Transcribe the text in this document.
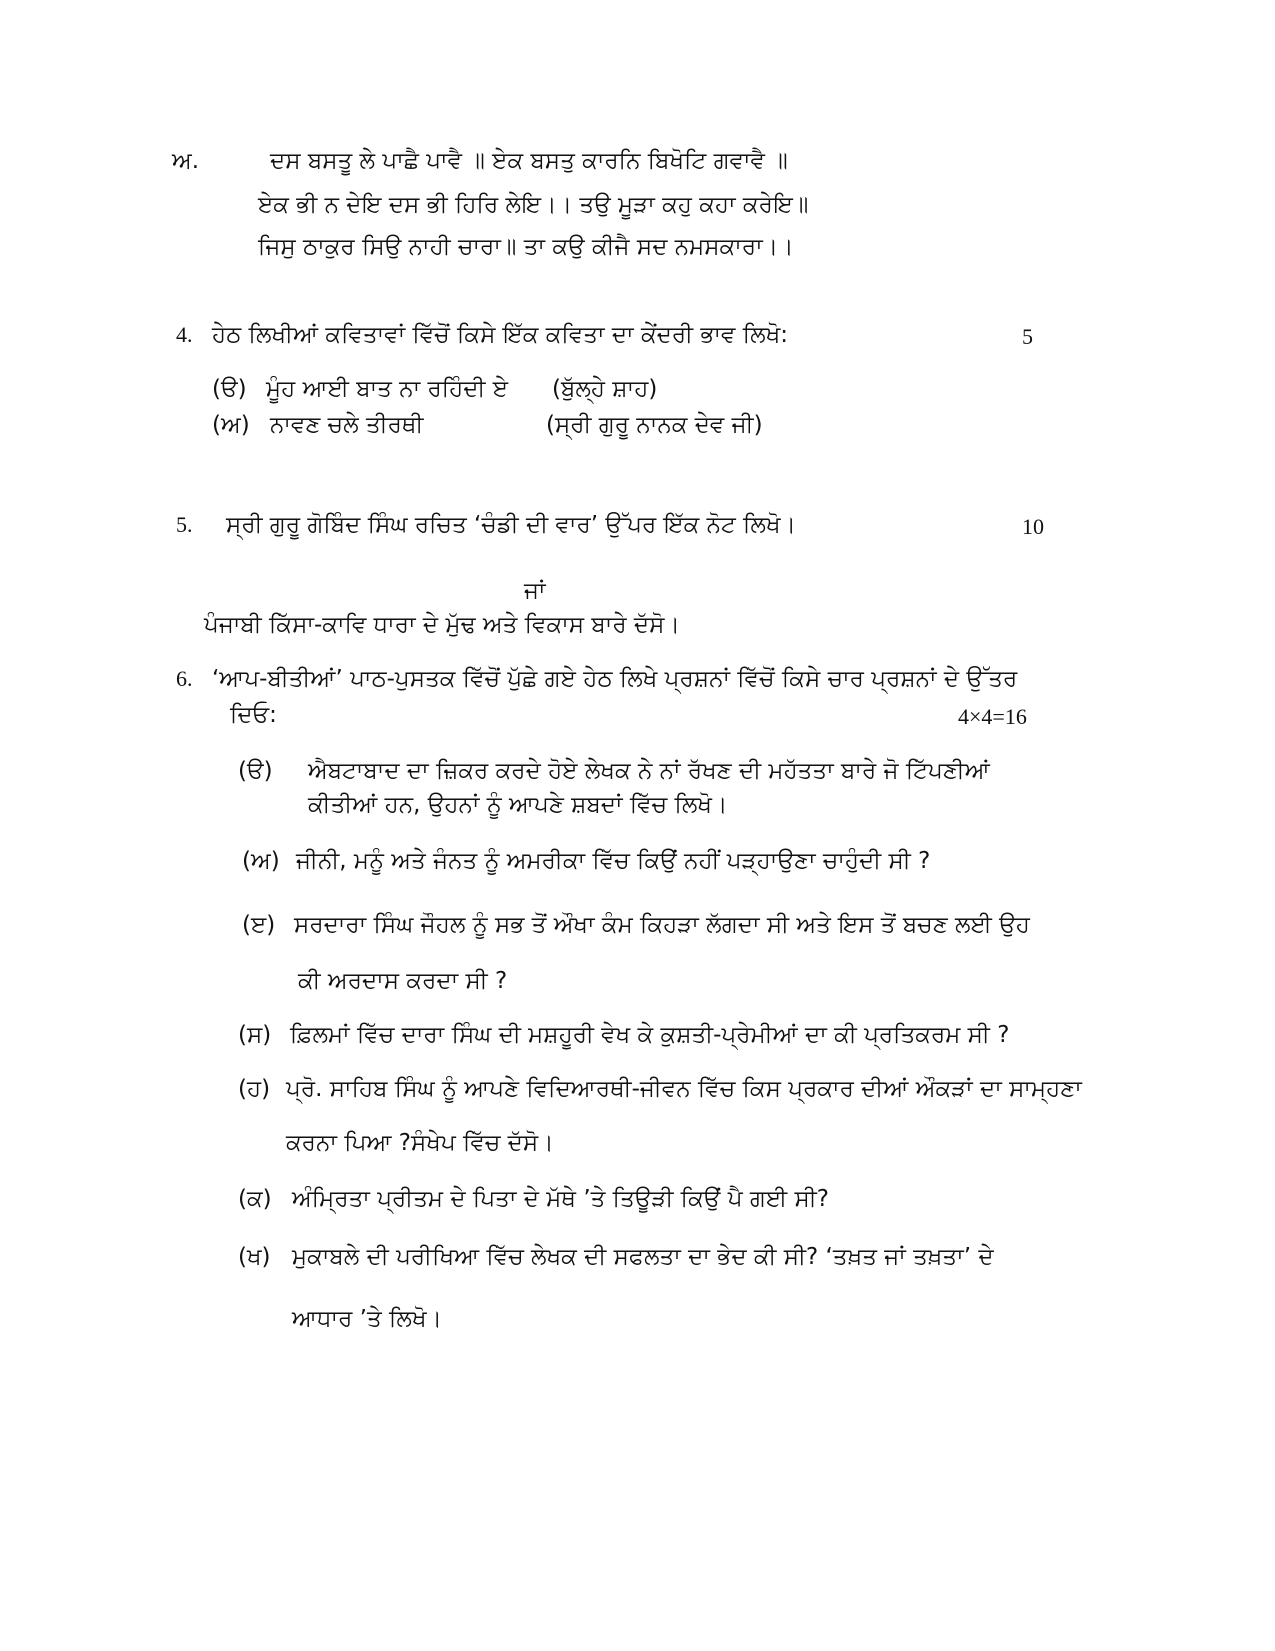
ਅ.	ਦਸ ਬਸਤੂ ਲੇ ਪਾਛੈ ਪਾਵੈ ॥ ਏਕ ਬਸਤੁ ਕਾਰਨਿ ਬਿਖੋਟਿ ਗਵਾਵੈ ॥
ਏਕ ਭੀ ਨ ਦੇਇ ਦਸ ਭੀ ਹਿਰਿ ਲੇਇ।। ਤਉ ਮੂੜਾ ਕਹੁ ਕਹਾ ਕਰੇਇ॥
ਜਿਸੁ ਠਾਕੁਰ ਸਿਉ ਨਾਹੀ ਚਾਰਾ॥ ਤਾ ਕਉ ਕੀਜੈ ਸਦ ਨਮਸਕਾਰਾ।।
4. ਹੇਠ ਲਿਖੀਆਂ ਕਵਿਤਾਵਾਂ ਵਿੱਚੋਂ ਕਿਸੇ ਇੱਕ ਕਵਿਤਾ ਦਾ ਕੇਂਦਰੀ ਭਾਵ ਲਿਖੋ:	5
(ੳ) ਮੂੰਹ ਆਈ ਬਾਤ ਨਾ ਰਹਿੰਦੀ ਏ (ਬੁੱਲ੍ਹੇ ਸ਼ਾਹ)
(ਅ) ਨਾਵਣ ਚਲੇ ਤੀਰਥੀ	(ਸ੍ਰੀ ਗੁਰੂ ਨਾਨਕ ਦੇਵ ਜੀ)
5. ਸ੍ਰੀ ਗੁਰੂ ਗੋਬਿੰਦ ਸਿੰਘ ਰਚਿਤ ‘ਚੰਡੀ ਦੀ ਵਾਰ’ ਉੱਪਰ ਇੱਕ ਨੋਟ ਲਿਖੋ।	10
ਜਾਂ
ਪੰਜਾਬੀ ਕਿੱਸਾ-ਕਾਵਿ ਧਾਰਾ ਦੇ ਮੁੱਢ ਅਤੇ ਵਿਕਾਸ ਬਾਰੇ ਦੱਸੋ।
6. ‘ਆਪ-ਬੀਤੀਆਂ’ ਪਾਠ-ਪੁਸਤਕ ਵਿੱਚੋਂ ਪੁੱਛੇ ਗਏ ਹੇਠ ਲਿਖੇ ਪ੍ਰਸ਼ਨਾਂ ਵਿੱਚੋਂ ਕਿਸੇ ਚਾਰ ਪ੍ਰਸ਼ਨਾਂ ਦੇ ਉੱਤਰ
ਦਿਓ:	4×4=16
(ੳ) ਐਬਟਾਬਾਦ ਦਾ ਜ਼ਿਕਰ ਕਰਦੇ ਹੋਏ ਲੇਖਕ ਨੇ ਨਾਂ ਰੱਖਣ ਦੀ ਮਹੱਤਤਾ ਬਾਰੇ ਜੋ ਟਿੱਪਣੀਆਂ
ਕੀਤੀਆਂ ਹਨ, ਉਹਨਾਂ ਨੂੰ ਆਪਣੇ ਸ਼ਬਦਾਂ ਵਿੱਚ ਲਿਖੋ।
(ਅ) ਜੀਨੀ, ਮਨੂੰ ਅਤੇ ਜੰਨਤ ਨੂੰ ਅਮਰੀਕਾ ਵਿੱਚ ਕਿਉਂ ਨਹੀਂ ਪੜ੍ਹਾਉਣਾ ਚਾਹੁੰਦੀ ਸੀ ?
(ੲ) ਸਰਦਾਰਾ ਸਿੰਘ ਜੌਹਲ ਨੂੰ ਸਭ ਤੋਂ ਔਖਾ ਕੰਮ ਕਿਹੜਾ ਲੱਗਦਾ ਸੀ ਅਤੇ ਇਸ ਤੋਂ ਬਚਣ ਲਈ ਉਹ
ਕੀ ਅਰਦਾਸ ਕਰਦਾ ਸੀ ?
(ਸ) ਫ਼ਿਲਮਾਂ ਵਿੱਚ ਦਾਰਾ ਸਿੰਘ ਦੀ ਮਸ਼ਹੂਰੀ ਵੇਖ ਕੇ ਕੁਸ਼ਤੀ-ਪ੍ਰੇਮੀਆਂ ਦਾ ਕੀ ਪ੍ਰਤਿਕਰਮ ਸੀ ?
(ਹ) ਪ੍ਰੋ. ਸਾਹਿਬ ਸਿੰਘ ਨੂੰ ਆਪਣੇ ਵਿਦਿਆਰਥੀ-ਜੀਵਨ ਵਿੱਚ ਕਿਸ ਪ੍ਰਕਾਰ ਦੀਆਂ ਔਕੜਾਂ ਦਾ ਸਾਮ੍ਹਣਾ
ਕਰਨਾ ਪਿਆ ?ਸੰਖੇਪ ਵਿੱਚ ਦੱਸੋ।
(ਕ) ਅੰਮ੍ਰਿਤਾ ਪ੍ਰੀਤਮ ਦੇ ਪਿਤਾ ਦੇ ਮੱਥੇ ’ਤੇ ਤਿਊੜੀ ਕਿਉਂ ਪੈ ਗਈ ਸੀ?
(ਖ) ਮੁਕਾਬਲੇ ਦੀ ਪਰੀਖਿਆ ਵਿੱਚ ਲੇਖਕ ਦੀ ਸਫਲਤਾ ਦਾ ਭੇਦ ਕੀ ਸੀ? ‘ਤਖ਼ਤ ਜਾਂ ਤਖ਼ਤਾ’ ਦੇ
ਆਧਾਰ ’ਤੇ ਲਿਖੋ।
